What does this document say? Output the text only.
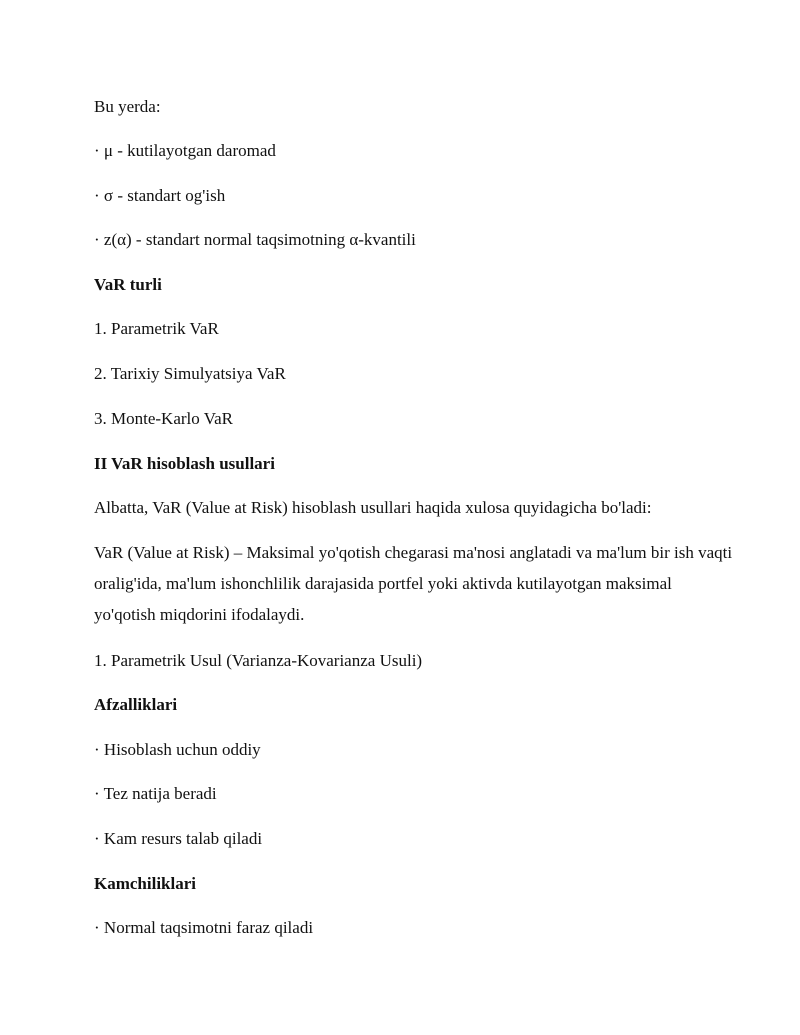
Bu yerda:

· μ - kutilayotgan daromad

· σ - standart og'ish

· z(α) - standart normal taqsimotning α-kvantili

VaR turli

1. Parametrik VaR

2. Tarixiy Simulyatsiya VaR

3. Monte-Karlo VaR

II VaR hisoblash usullari

Albatta, VaR (Value at Risk) hisoblash usullari haqida xulosa quyidagicha bo'ladi:

VaR (Value at Risk) – Maksimal yo'qotish chegarasi ma'nosi anglatadi va ma'lum bir ish vaqti oralig'ida, ma'lum ishonchlilik darajasida portfel yoki aktivda kutilayotgan maksimal yo'qotish miqdorini ifodalaydi.

1. Parametrik Usul (Varianza-Kovarianza Usuli)

Afzalliklari

· Hisoblash uchun oddiy

· Tez natija beradi

· Kam resurs talab qiladi

Kamchiliklari

· Normal taqsimotni faraz qiladi
